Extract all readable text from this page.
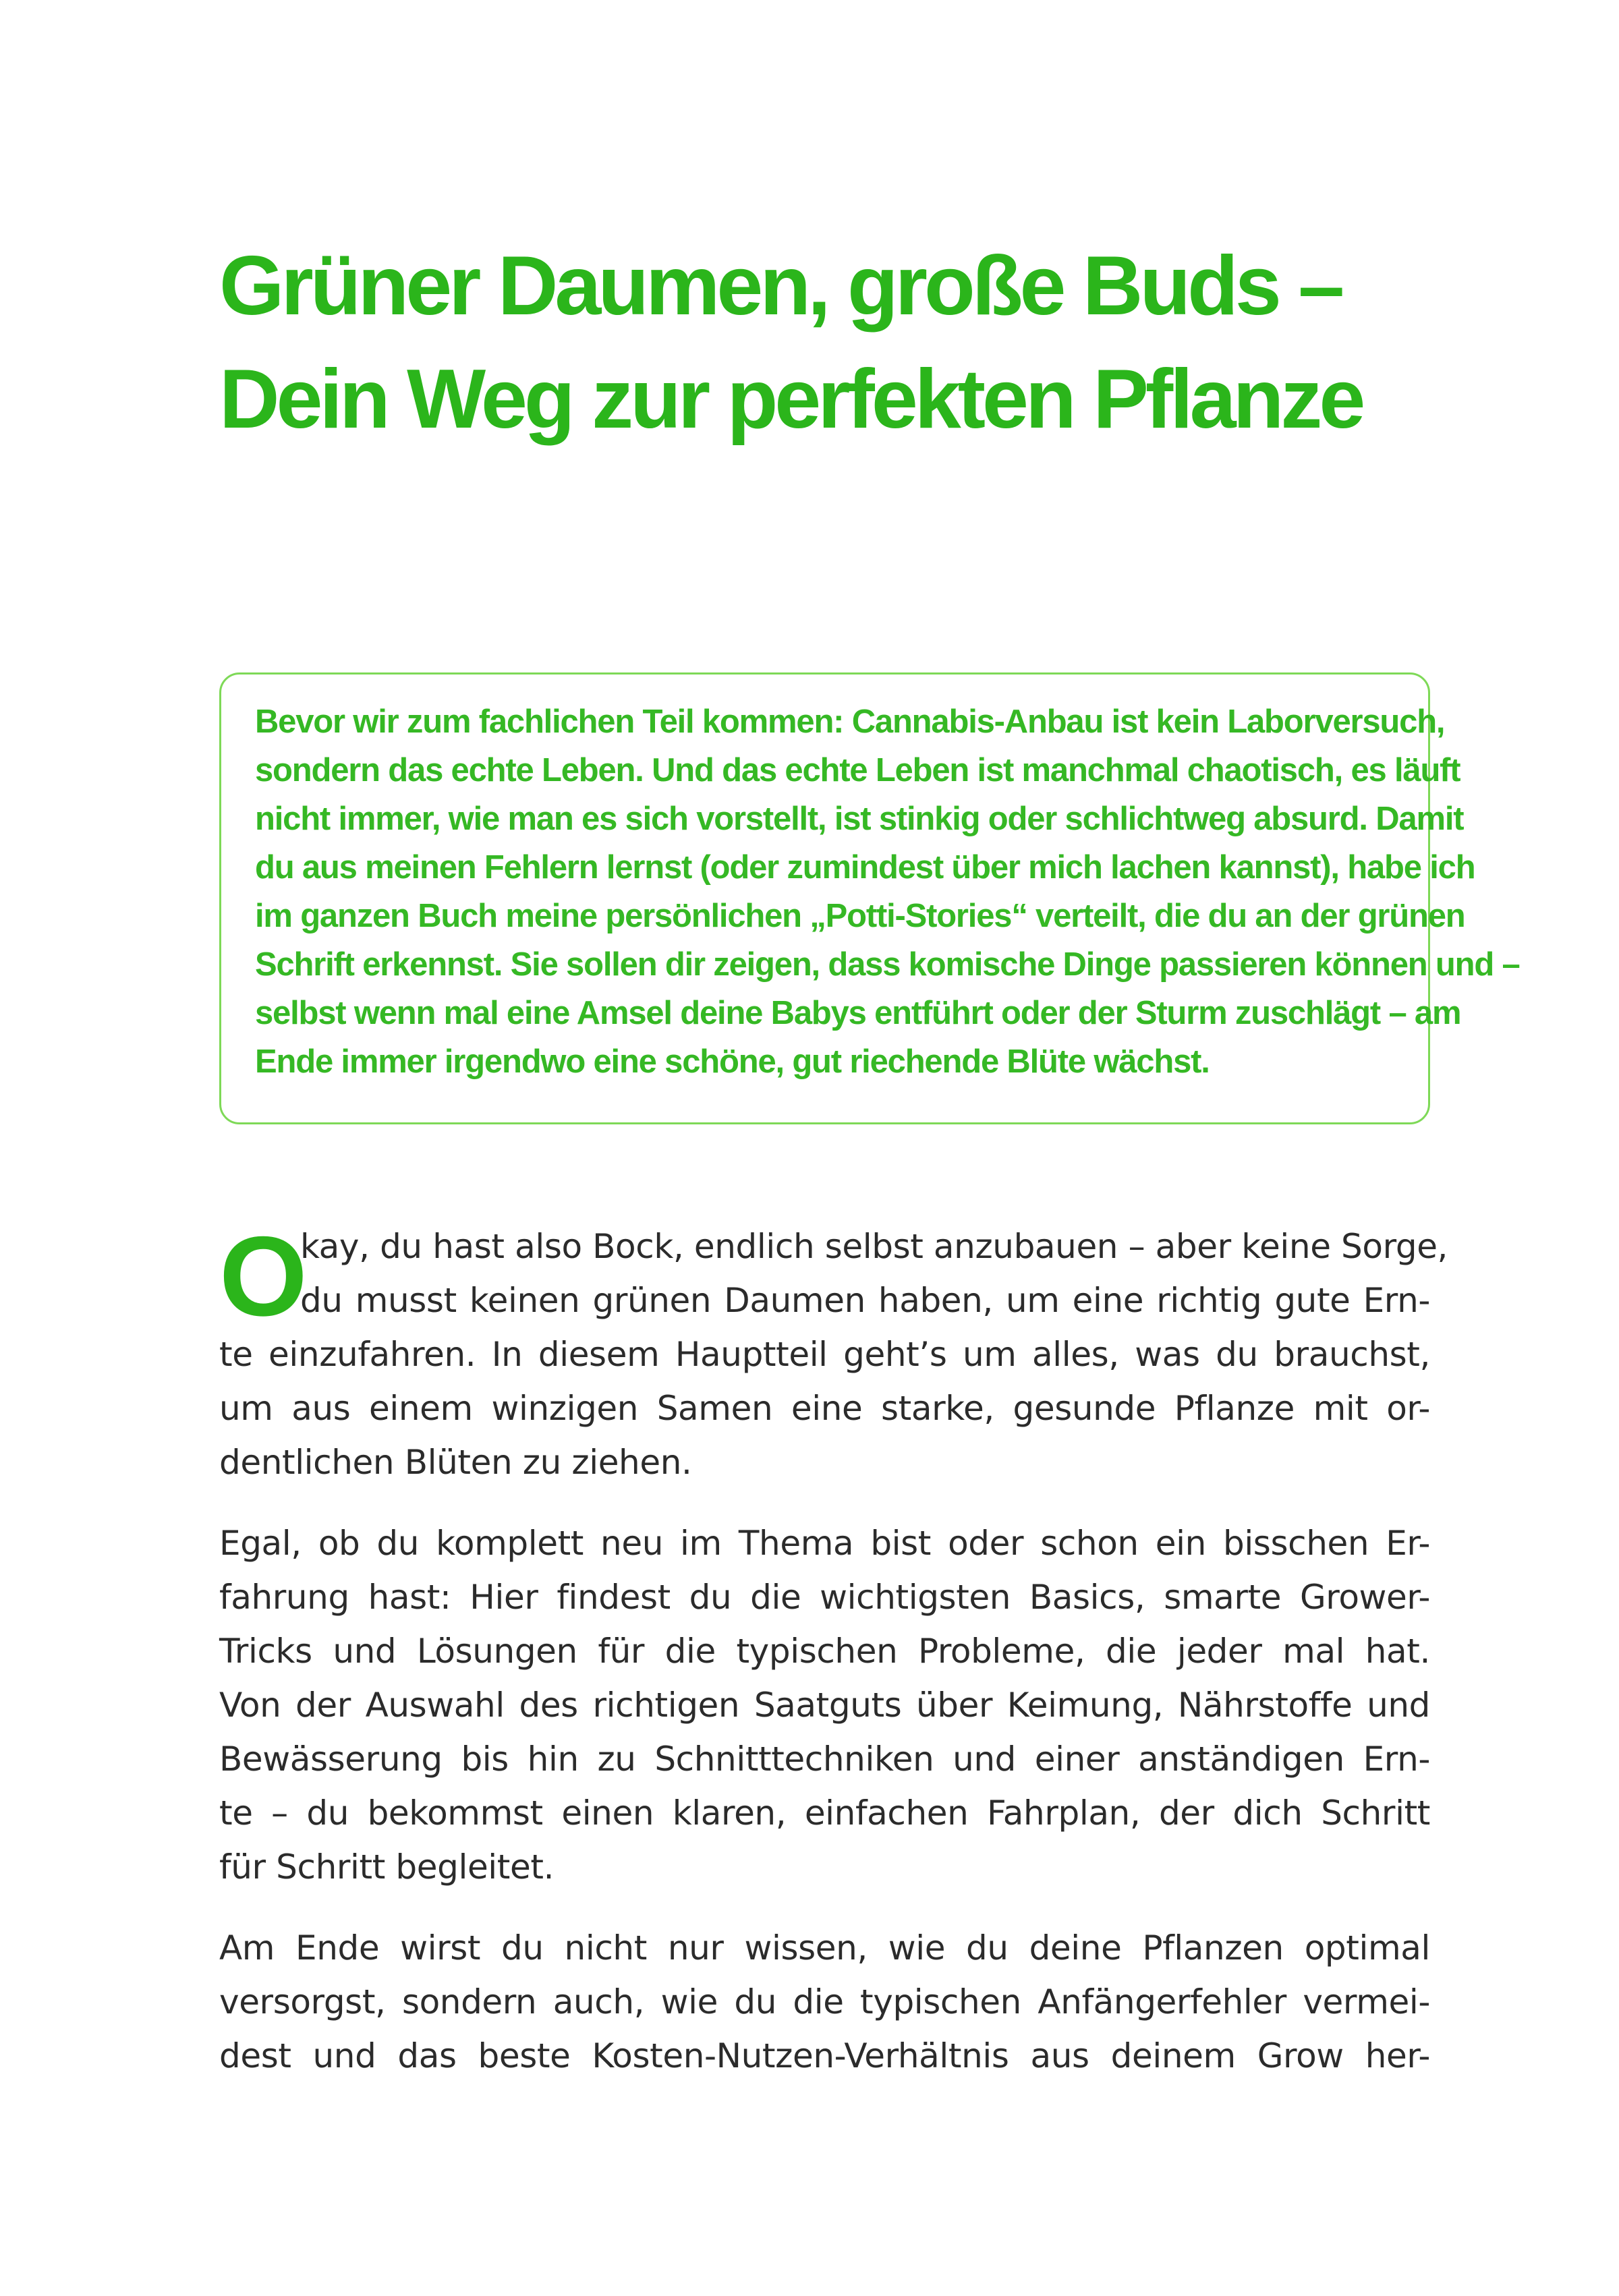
Grüner Daumen, große Buds –
Dein Weg zur perfekten Pflanze

Bevor wir zum fachlichen Teil kommen: Cannabis-Anbau ist kein Laborversuch,
sondern das echte Leben. Und das echte Leben ist manchmal chaotisch, es läuft
nicht immer, wie man es sich vorstellt, ist stinkig oder schlichtweg absurd. Damit
du aus meinen Fehlern lernst (oder zumindest über mich lachen kannst), habe ich
im ganzen Buch meine persönlichen „Potti-Stories“ verteilt, die du an der grünen
Schrift erkennst. Sie sollen dir zeigen, dass komische Dinge passieren können und –
selbst wenn mal eine Amsel deine Babys entführt oder der Sturm zuschlägt – am
Ende immer irgendwo eine schöne, gut riechende Blüte wächst.

O

kay, du hast also Bock, endlich selbst anzubauen – aber keine Sorge,
du musst keinen grünen Daumen haben, um eine richtig gute Ern-
te einzufahren. In diesem Hauptteil geht’s um alles, was du brauchst,
um aus einem winzigen Samen eine starke, gesunde Pflanze mit or-
dentlichen Blüten zu ziehen.

Egal, ob du komplett neu im Thema bist oder schon ein bisschen Er-
fahrung hast: Hier findest du die wichtigsten Basics, smarte Grower-
Tricks und Lösungen für die typischen Probleme, die jeder mal hat.
Von der Auswahl des richtigen Saatguts über Keimung, Nährstoffe und
Bewässerung bis hin zu Schnitttechniken und einer anständigen Ern-
te – du bekommst einen klaren, einfachen Fahrplan, der dich Schritt
für Schritt begleitet.

Am Ende wirst du nicht nur wissen, wie du deine Pflanzen optimal
versorgst, sondern auch, wie du die typischen Anfängerfehler vermei-
dest und das beste Kosten-Nutzen-Verhältnis aus deinem Grow her-
